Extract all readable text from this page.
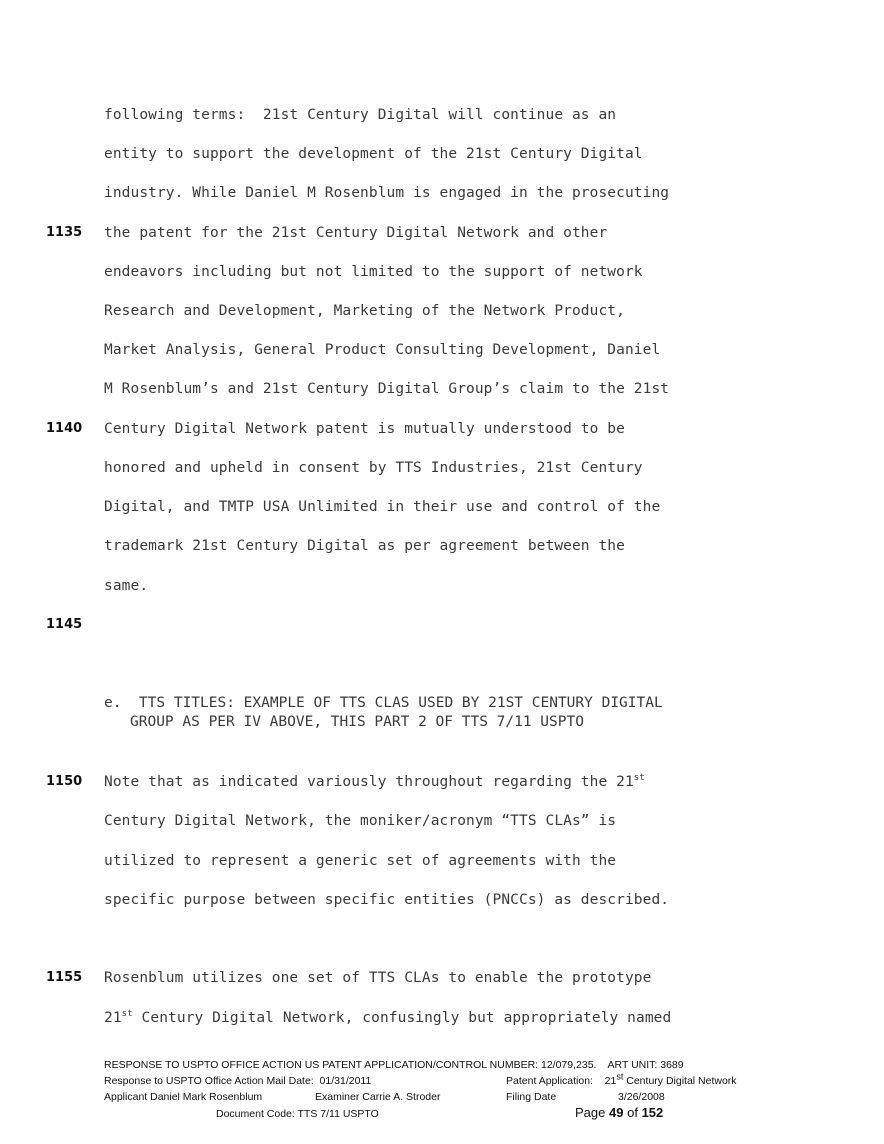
following terms:  21st Century Digital will continue as an
entity to support the development of the 21st Century Digital
industry. While Daniel M Rosenblum is engaged in the prosecuting
1135 the patent for the 21st Century Digital Network and other
endeavors including but not limited to the support of network
Research and Development, Marketing of the Network Product,
Market Analysis, General Product Consulting Development, Daniel
M Rosenblum’s and 21st Century Digital Group’s claim to the 21st
1140 Century Digital Network patent is mutually understood to be
honored and upheld in consent by TTS Industries, 21st Century
Digital, and TMTP USA Unlimited in their use and control of the
trademark 21st Century Digital as per agreement between the
same.
1145
e.  TTS TITLES: EXAMPLE OF TTS CLAS USED BY 21ST CENTURY DIGITAL
GROUP AS PER IV ABOVE, THIS PART 2 OF TTS 7/11 USPTO
1150 Note that as indicated variously throughout regarding the 21st
Century Digital Network, the moniker/acronym “TTS CLAs” is
utilized to represent a generic set of agreements with the
specific purpose between specific entities (PNCCs) as described.
1155 Rosenblum utilizes one set of TTS CLAs to enable the prototype
21st Century Digital Network, confusingly but appropriately named
RESPONSE TO USPTO OFFICE ACTION US PATENT APPLICATION/CONTROL NUMBER: 12/079,235.    ART UNIT: 3689
Response to USPTO Office Action Mail Date:  01/31/2011	Patent Application:    21st Century Digital Network
Applicant Daniel Mark Rosenblum	Examiner Carrie A. Stroder	Filing Date	3/26/2008
Document Code: TTS 7/11 USPTO	Page 49 of 152
